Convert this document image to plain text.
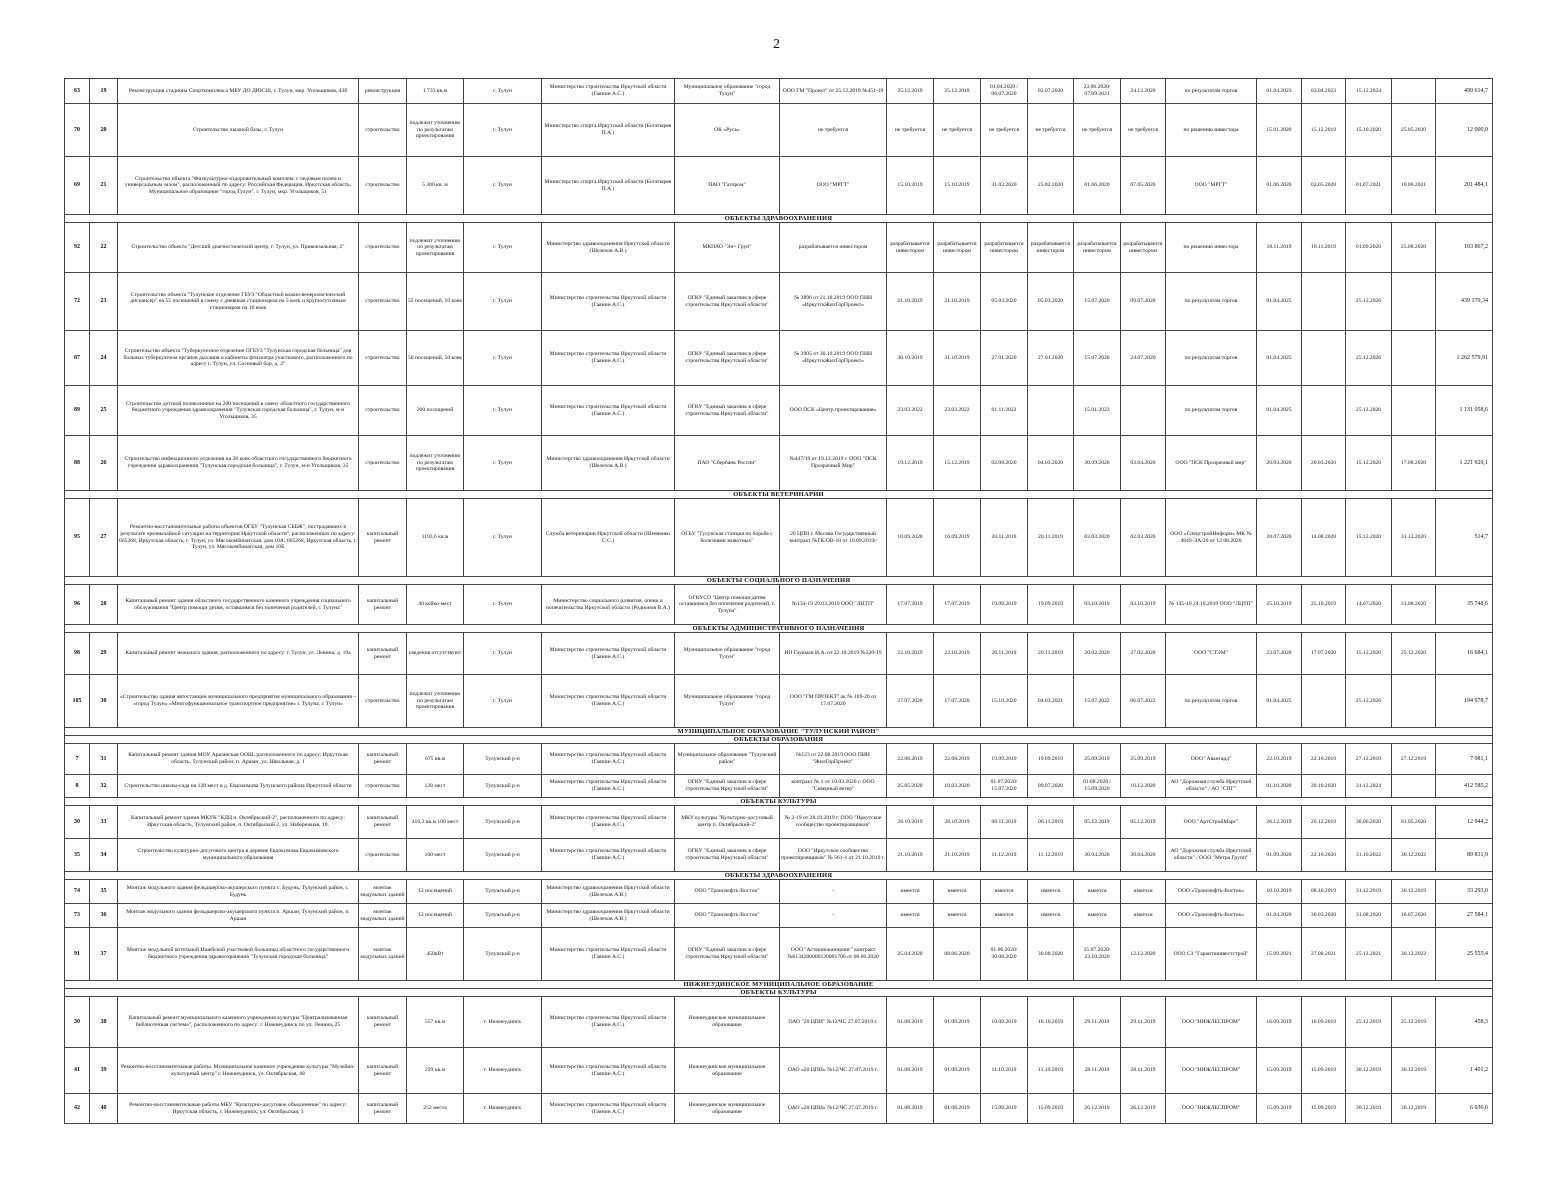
2
63	19	Реконструкция стадиона Спорткомплекса МБУ ДО ДЮСШ, г. Тулун, мкр. Угольщиков, 43б	реконструкция	1 733 кв.м	г. Тулун	Министерство строительства Иркутской области (Гаянин А.С.)	Муниципальное образование "город Тулун"	ООО ГМ "Проект" от 25.12.2019 №451-19	25.12.2019	25.12.2019	01.04.2020 / 06.07.2020	02.07.2020	23.06.2020/ 07.09.2021	24.12.2020	по результатам торгов	01.04.2023	03.04.2023	15.12.2024		499 614,7
70	20	Строительство лыжной базы, г. Тулун	строительство	подлежит уточнению по результатам проектирования	г. Тулун	Министерство спорта Иркутской области (Богатырев П.А.)	ОК «Русь»	не требуется	не требуется	не требуется	не требуется	не требуется	не требуется	не требуется	по решению инвестора	15.01.2020	15.12.2019	15.10.2020	25.05.2020	12 000,0
69	21	Строительство объекта "Физкультурно-оздоровительный комплекс с ледовым полем и универсальным залом", расположенный по адресу: Российская Федерация, Иркутская область, Муниципальное образование "город Тулун", г. Тулун, мкр. Угольщиков, 51	строительство	5 300 кв. м	г. Тулун	Министерство спорта Иркутской области (Богатырев П.А.)	ПАО "Газпром"	ООО "МРГТ"	15.10.2019	15.10.2019	31.03.2020	25.02.2020	01.06.2020	07.05.2020	ООО "МРГТ"	01.06.2020	02.05.2020	01.07.2021	10.06.2021	201 484,1
ОБЪЕКТЫ ЗДРАВООХРАНЕНИЯ																				
92	22	Строительство объекта "Детский диагностический центр, г. Тулун, ул. Привокзальная, 2"	строительство	подлежит уточнению по результатам проектирования	г. Тулун	Министерство здравоохранения Иркутской области (Шелехов А.В.)	МКПАО "Эн+ Груп"	разрабатывается инвестором	разрабатывается инвестором	разрабатывается инвестором	разрабатывается инвестором	разрабатывается инвестором	разрабатывается инвестором	разрабатывается инвестором	по решению инвестора	18.11.2019	18.11.2019	01.09.2020	25.08.2020	103 867,2
72	23	Строительство объекта "Тулунское отделение ГБУЗ "Областной кожно-венерологический диспансер" на 55 посещений в смену с дневным стационаром на 5 коек и круглосуточным стационаром на 10 коек	строительство	55 посещений, 10 коек	г. Тулун	Министерство строительства Иркутской области (Гаянин А.С.)	ОГКУ "Единый заказчик в сфере строительства Иркутской области"	№ 3896 от 21.10.2019 ООО ПИН «ИркутскЖилГорПроект»	21.10.2019	21.10.2019	05.03.2020	05.03.2020	15.07.2020	09.07.2020	по результатам торгов	01.04.2025		25.12.2026		439 179,34
87	24	Строительство объекта "Туберкулезное отделение ОГБУЗ "Тулунская городская больница" для больных туберкулезом органов дыхания и кабинеты фтизиатра участкового, расположенного по адресу г. Тулун, ул. Сосновый бор, д. 2"	строительство	50 посещений, 50 коек	г. Тулун	Министерство строительства Иркутской области (Гаянин А.С.)	ОГКУ "Единый заказчик в сфере строительства Иркутской области"	№ 3905 от 30.10.2019 ООО ПИН «ИркутскЖилГорПроект»	30.10.2019	31.10.2019	27.01.2020	27.01.2020	15.07.2020	24.07.2020	по результатам торгов	01.04.2025		25.12.2026		1 262 579,91
89	25	Строительство детской поликлиники на 200 посещений в смену областного государственного бюджетного учреждения здравоохранения "Тулунская городская больница", г. Тулун, м-н Угольщиков, 35	строительство	200 посещений	г. Тулун	Министерство строительства Иркутской области (Гаянин А.С.)	ОГКУ "Единый заказчик в сфере строительства Иркутской области"	ООО ПСК «Центр проектирования»	23.03.2022	23.03.2022	01.11.2022		15.01.2023		по результатам торгов	01.04.2025		25.12.2026		1 131 058,6
88	26	Строительство инфекционного отделения на 28 коек областного государственного бюджетного учреждения здравоохранения "Тулунская городская больница", г. Тулун, м-н Угольщиков, 35	строительство	подлежит уточнению по результатам проектирования	г. Тулун	Министерство здравоохранения Иркутской области (Шелехов А.В.)	ПАО "Сбербанк России"	№447/19 от 19.12.2019 г. ООО "ПСК Прозрачный Мир"	19.12.2019	15.12.2019	02.08.2020	04.03.2020	30.09.2020	03.04.2020	ООО "ПСК Прозрачный мир"	20.03.2020	20.03.2020	15.12.2020	17.08.2020	1 221 929,1
ОБЪЕКТЫ ВЕТЕРИНАРИИ																				
95	27	Ремонтно-восстановительные работы объектов ОГБУ "Тулунская СББЖ", пострадавших в результате чрезвычайной ситуации на территории Иркутской области", расположенных по адресу: 665268, Иркутская область, г. Тулун, ул. Мясокомбинатская, дом 10А; 665268, Иркутская область, г. Тулун, ул. Мясокомбинатская, дом 10Б	капитальный ремонт	1193,6 кв.м	г. Тулун	Служба ветеринарии Иркутской области (Шевченко С.С.)	ОГБУ "Тулунская станция по борьбе с болезнями животных"	20 ЦПИ г. Москва Государственный контракт №ГК/ОВ-10 от 10.09.2019г	10.09.2020	16.09.2019	20.11.2019	20.11.2019	02.03.2020	02.03.2020	ООО «СпецстройИнформ» МК № 4849-ЭА/20 от 12.08.2020	20.07.2020	14.08.2020	15.12.2020	31.12.2020	514,7
ОБЪЕКТЫ СОЦИАЛЬНОГО НАЗНАЧЕНИЯ																				
96	28	Капитальный ремонт здания областного государственного казенного учреждения социального обслуживания "Центр помощи детям, оставшимся без попечения родителей, г. Тулуна"	капитальный ремонт	40 койко-мест	г. Тулун	Министерство социального развития, опеки и попечительства Иркутской области (Родионов В.А.)	ОГКУСО "Центр помощи детям оставшимся без попечения родителей, г. Тулуна"	№134-19 29.03.2019 ООО "ЛЦТП"	17.07.2019	17.07.2019	19.09.2019	19.09.2019	03.10.2019	03.10.2019	№ 145-19 24.10.2019 ООО "ЛЦТП"	25.10.2019	25.10.2019	14.07.2020	31.08.2020	35 748,6
ОБЪЕКТЫ АДМИНИСТРАТИВНОГО НАЗНАЧЕНИЯ																				
98	29	Капитальный ремонт нежилого здания, расположенного по адресу: г. Тулун, ул. Ленина, д. 19а	капитальный ремонт	сведения отсутствуют	г. Тулун	Министерство строительства Иркутской области (Гаянин А.С.)	Муниципальное образование "город Тулун"	ИП Гаукман И.А. от 22.10.2019 №320-19	22.10.2019	22.10.2019	20.11.2019	20.11.2019	20.02.2020	27.02.2020	ООО "СТЭМ"	23.07.2020	17.07.2020	15.12.2020	25.12.2020	16 684,1
105	30	«Строительство здания автостанции муниципального предприятия муниципального образования – «город Тулун» «Многофункциональное транспортное предприятие» г. Тулуна, г. Тулун»	строительство	подлежит уточнению по результатам проектирования	г. Тулун	Министерство строительства Иркутской области (Гаянин А.С.)	Муниципальное образование "город Тулун"	ООО "ГМ ПРОЕКТ" ак № 169-20 от 17.07.2020	27.07.2020	17.07.2020	15.10.2020	04.03.2021	15.07.2022	06.07.2022	по результатам торгов	01.04.2025		25.12.2026		194 978,7
МУНИЦИПАЛЬНОЕ ОБРАЗОВАНИЕ "ТУЛУНСКИЙ РАЙОН"																				
ОБЪЕКТЫ ОБРАЗОВАНИЯ																				
7	31	Капитальный ремонт здания МОУ Аршанская ООШ, расположенного по адресу: Иркутская область, Тулунский район, п. Аршан, ул. Школьная, д. 1	капитальный ремонт	675 кв.м	Тулунский р-н	Министерство строительства Иркутской области (Гаянин А.С.)	Муниципальное образование "Тулунский район"	№123 от 22.08.2019 ООО ПИИ "ЖилГорПроект"	22.08.2019	22.08.2019	19.09.2019	19.09.2019	25.09.2019	25.09.2019	ООО "Авангард"	22.10.2019	22.10.2019	27.12.2019	27.12.2019	7 981,1
8	32	Строительство школы-сада на 128 мест в д. Евдокимова Тулунского района Иркутской области	строительство	128 мест	Тулунский р-н	Министерство строительства Иркутской области (Гаянин А.С.)	ОГКУ "Единый заказчик в сфере строительства Иркутской области"	контракт № 1 от 10.03.2020 г. ООО "Северный ветер"	25.05.2020	10.03.2020	01.07.2020/ 15.07.2020	09.07.2020	01.08.2020 / 15.09.2020	10.12.2020	АО "Дорожная служба Иркутской области" / АО "СПГ"	01.10.2020	20.10.2020	31.12.2024		412 585,2
ОБЪЕКТЫ КУЛЬТУРЫ																				
30	33	Капитальный ремонт здания МКУК "КДЦ п. Октябрьский-2", расположенного по адресу: Иркутская область, Тулунский район, п. Октябрьский 2, ул. Набережная, 10.	капитальный ремонт	410,2 кв.м 100 мест	Тулунский р-н	Министерство строительства Иркутской области (Гаянин А.С.)	МКУ культуры "Культурно-досуговый центр п. Октябрьский-2"	№ 2-19 от 28.10.2019 г. ООО "Иркутское сообщество проектировщиков"	28.10.2019	28.10.2019	06.11.2019	06.11.2019	05.12.2019	05.12.2019	ООО "АртСтройМарс"	26.12.2019	26.12.2019	30.06.2020	01.05.2020	12 944,2
35	34	Строительство культурно-досугового центра в деревне Евдокимова Евдокимовского муниципального образования	строительство	100 мест	Тулунский р-н	Министерство строительства Иркутской области (Гаянин А.С.)	ОГКУ "Единый заказчик в сфере строительства Иркутской области"	ООО "Иркутское сообщество проектировщиков" № 561-1 от 21.10.2019 г.	21.10.2019	21.10.2019	11.12.2019	11.12.2019	30.04.2020	30.04.2020	АО "Дорожная служба Иркутской области" / ООО "Метра Групп"	01.09.2020	22.10.2020	31.10.2022	30.12.2022	89 831,9
ОБЪЕКТЫ ЗДРАВООХРАНЕНИЯ																				
74	35	Монтаж модульного здания фельдшерско-акушерского пункта с. Будунь, Тулунский район, с. Будунь	монтаж модульных зданий	12 посещений	Тулунский р-н	Министерство здравоохранения Иркутской области (Шелехов А.В.)	ООО "Транснефть-Восток"	-	имеется	имеется	имеется	имеется	имеется	имеется	ООО «Транснефть-Восток»	10.10.2019	08.10.2019	31.12.2019	30.12.2019	33 293,0
73	36	Монтаж модульного здания фельдшерско-акушерского пункта п. Аршан, Тулунский район, п. Аршан	монтаж модульных зданий	12 посещений	Тулунский р-н	Министерство здравоохранения Иркутской области (Шелехов А.В.)	ООО "Транснефть-Восток"	-	имеется	имеется	имеется	имеется	имеется	имеется	ООО «Транснефть-Восток»	01.04.2020	30.03.2020	31.08.2020	16.07.2020	27 584,1
91	37	Монтаж модульной котельной Ишейской участковой больницы областного государственного бюджетного учреждения здравоохранения "Тулунская городская больница"	монтаж модульных зданий	450кВт	Тулунский р-н	Министерство строительства Иркутской области (Гаянин А.С.)	ОГКУ "Единый заказчик в сфере строительства Иркутской области"	ООО "Астекинжиниринг" контракт №0134200000120001706 от 08.06.2020	25.04.2020	08.06.2020	01.06.2020/ 30.08.2020	30.08.2020	15.07.2020/ 23.10.2020	12.12.2020	ООО СЗ "Гарантиинвестстрой"	15.09.2021	27.08.2021	25.12.2021	30.12.2022	25 555,4
НИЖНЕУДИНСКОЕ МУНИЦИПАЛЬНОЕ ОБРАЗОВАНИЕ																				
ОБЪЕКТЫ КУЛЬТУРЫ																				
30	38	Капитальный ремонт муниципального казенного учреждения культуры "Централизованная библиотечная система", расположенного по адресу: г. Нижнеудинск по ул. Ленина, 25	капитальный ремонт	557 кв.м	г. Нижнеудинск	Министерство строительства Иркутской области (Гаянин А.С.)	Нижнеудинское муниципальное образование	ОАО "20 ЦПИ" №12/ЧС 27.07.2019 г.	01.08.2019	01.08.2019	10.09.2019	10.10.2019	29.11.2019	29.11.2019	ООО "НИЖЛЕСПРОМ"	16.09.2019	16.09.2019	25.12.2019	25.12.2019	458,3
41	39	Ремонтно-восстановительные работы. Муниципальное казенное учреждение культуры "Музейно-культурный центр" г. Нижнеудинск, ул. Октябрьская, 40	капитальный ремонт	229 кв.м	г. Нижнеудинск	Министерство строительства Иркутской области (Гаянин А.С.)	Нижнеудинское муниципальное образование	ОАО «20 ЦПИ» №12/ЧС 27.07.2019 г.	01.08.2019	01.08.2019	11.10.2019	11.10.2019	28.11.2019	28.11.2019	ООО "НИЖЛЕСПРОМ"	15.09.2019	15.09.2019	30.12.2019	30.12.2019	1 401,2
42	40	Ремонтно-восстановительные работы МБУ "Культурно-досуговое объединение" по адресу: Иркутская область, г. Нижнеудинск, ул. Октябрьская, 3	капитальный ремонт	252 места	г. Нижнеудинск	Министерство строительства Иркутской области (Гаянин А.С.)	Нижнеудинское муниципальное образование	ОАО «20 ЦПИ» №12/ЧС 27.07.2019 г.	01.08.2019	01.08.2019	15.09.2019	15.09.2019	26.12.2019	26.12.2019	ООО "НИЖЛЕСПРОМ"	15.09.2019	15.09.2019	30.12.2019	30.12.2019	6 036,6
